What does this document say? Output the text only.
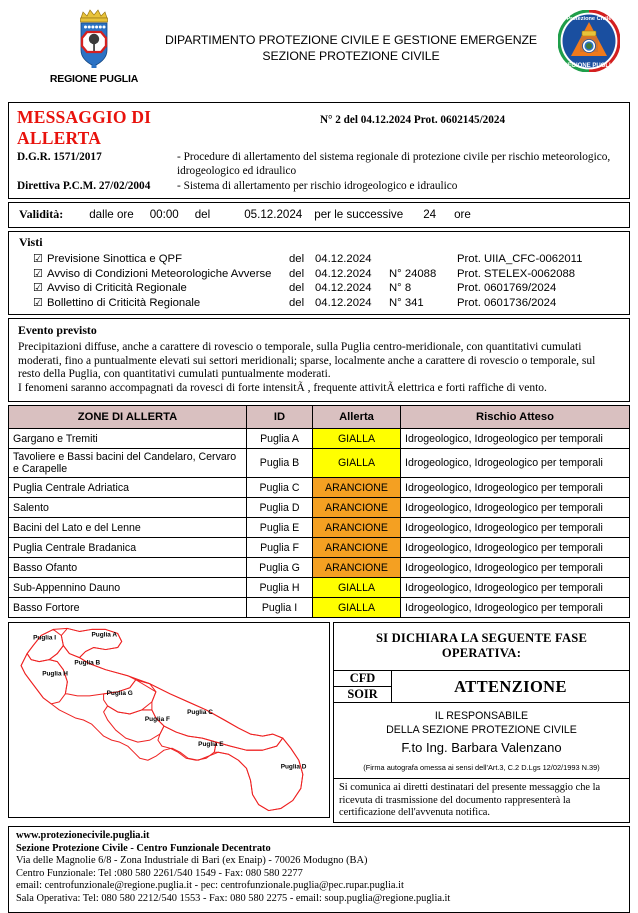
REGIONE PUGLIA
DIPARTIMENTO PROTEZIONE CIVILE E GESTIONE EMERGENZE
SEZIONE PROTEZIONE CIVILE
Protezione Civile
REGIONE PUGLIA
MESSAGGIO DI ALLERTA
N° 2 del 04.12.2024 Prot. 0602145/2024
D.G.R. 1571/2017	- Procedure di allertamento del sistema regionale di protezione civile per rischio meteorologico, idrogeologico ed idraulico
Direttiva P.C.M. 27/02/2004	- Sistema di allertamento per rischio idrogeologico e idraulico
Validità: dalle ore 00:00 del	05.12.2024 per le successive 24 ore
Visti
☑ Previsione Sinottica e QPF	del 04.12.2024	Prot. UIIA_CFC-0062011
☑ Avviso di Condizioni Meteorologiche Avverse	del 04.12.2024	N° 24088	Prot. STELEX-0062088
☑ Avviso di Criticità Regionale	del 04.12.2024	N° 8	Prot. 0601769/2024
☑ Bollettino di Criticità Regionale	del 04.12.2024	N° 341	Prot. 0601736/2024
Evento previsto
Precipitazioni diffuse, anche a carattere di rovescio o temporale, sulla Puglia centro-meridionale, con quantitativi cumulati moderati, fino a puntualmente elevati sui settori meridionali; sparse, localmente anche a carattere di rovescio o temporale, sul resto della Puglia, con quantitativi cumulati puntualmente moderati.
I fenomeni saranno accompagnati da rovesci di forte intensitÃ , frequente attivitÃ elettrica e forti raffiche di vento.
ZONE DI ALLERTA	ID	Allerta	Rischio Atteso
Gargano e Tremiti	Puglia A	GIALLA	Idrogeologico, Idrogeologico per temporali
Tavoliere e Bassi bacini del Candelaro, Cervaro e Carapelle	Puglia B	GIALLA	Idrogeologico, Idrogeologico per temporali
Puglia Centrale Adriatica	Puglia C	ARANCIONE	Idrogeologico, Idrogeologico per temporali
Salento	Puglia D	ARANCIONE	Idrogeologico, Idrogeologico per temporali
Bacini del Lato e del Lenne	Puglia E	ARANCIONE	Idrogeologico, Idrogeologico per temporali
Puglia Centrale Bradanica	Puglia F	ARANCIONE	Idrogeologico, Idrogeologico per temporali
Basso Ofanto	Puglia G	ARANCIONE	Idrogeologico, Idrogeologico per temporali
Sub-Appennino Dauno	Puglia H	GIALLA	Idrogeologico, Idrogeologico per temporali
Basso Fortore	Puglia I	GIALLA	Idrogeologico, Idrogeologico per temporali
Puglia I	Puglia A
Puglia B
Puglia H
Puglia G
Puglia C
Puglia F
Puglia E
Puglia D
SI DICHIARA LA SEGUENTE FASE OPERATIVA:
CFD
SOIR	ATTENZIONE
IL RESPONSABILE
DELLA SEZIONE PROTEZIONE CIVILE
F.to Ing. Barbara Valenzano
(Firma autografa omessa ai sensi dell'Art.3, C.2 D.Lgs 12/02/1993 N.39)
Si comunica ai diretti destinatari del presente messaggio che la ricevuta di trasmissione del documento rappresenterà la certificazione dell'avvenuta notifica.
www.protezionecivile.puglia.it
Sezione Protezione Civile - Centro Funzionale Decentrato
Via delle Magnolie 6/8 - Zona Industriale di Bari (ex Enaip) - 70026 Modugno (BA)
Centro Funzionale: Tel :080 580 2261/540 1549 - Fax: 080 580 2277
email: centrofunzionale@regione.puglia.it - pec: centrofunzionale.puglia@pec.rupar.puglia.it
Sala Operativa: Tel: 080 580 2212/540 1553 - Fax: 080 580 2275 - email: soup.puglia@regione.puglia.it
